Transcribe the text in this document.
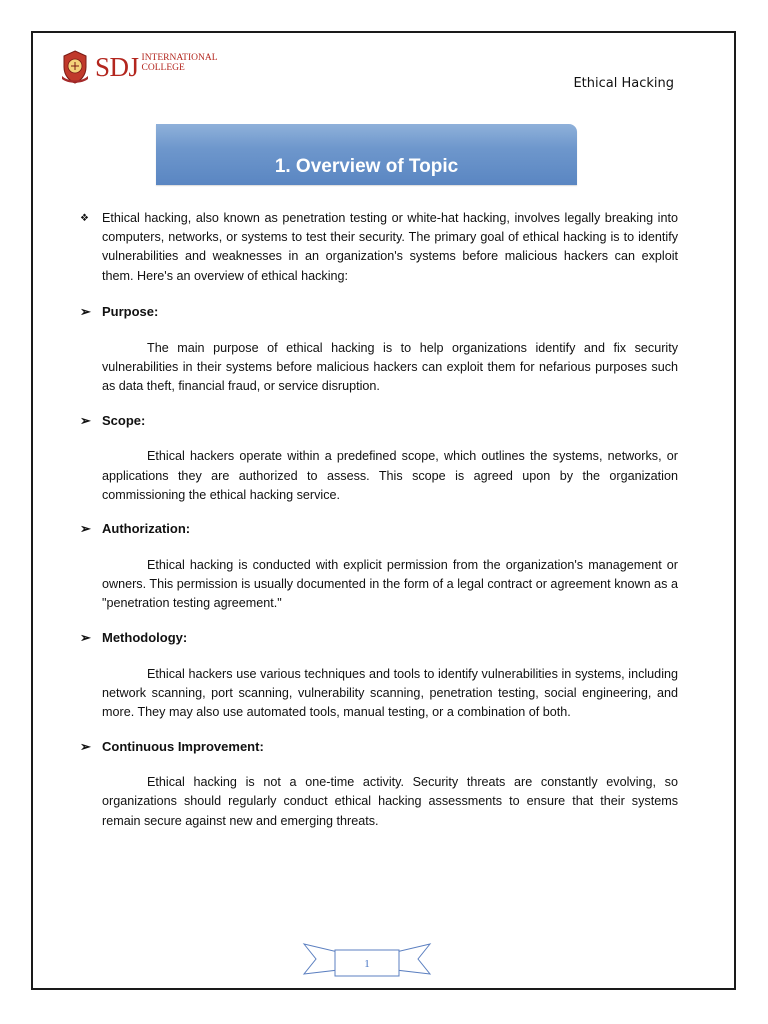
SDJ INTERNATIONAL
COLLEGE
Ethical Hacking
1. Overview of Topic
❖	Ethical hacking, also known as penetration testing or white-hat hacking, involves legally breaking into computers, networks, or systems to test their security. The primary goal of ethical hacking is to identify vulnerabilities and weaknesses in an organization's systems before malicious hackers can exploit them. Here's an overview of ethical hacking:

➢ Purpose:
The main purpose of ethical hacking is to help organizations identify and fix security vulnerabilities in their systems before malicious hackers can exploit them for nefarious purposes such as data theft, financial fraud, or service disruption.
➢ Scope:
Ethical hackers operate within a predefined scope, which outlines the systems, networks, or applications they are authorized to assess. This scope is agreed upon by the organization commissioning the ethical hacking service.
➢ Authorization:
Ethical hacking is conducted with explicit permission from the organization's management or owners. This permission is usually documented in the form of a legal contract or agreement known as a "penetration testing agreement."
➢ Methodology:
Ethical hackers use various techniques and tools to identify vulnerabilities in systems, including network scanning, port scanning, vulnerability scanning, penetration testing, social engineering, and more. They may also use automated tools, manual testing, or a combination of both.
➢ Continuous Improvement:
Ethical hacking is not a one-time activity. Security threats are constantly evolving, so organizations should regularly conduct ethical hacking assessments to ensure that their systems remain secure against new and emerging threats.
1
